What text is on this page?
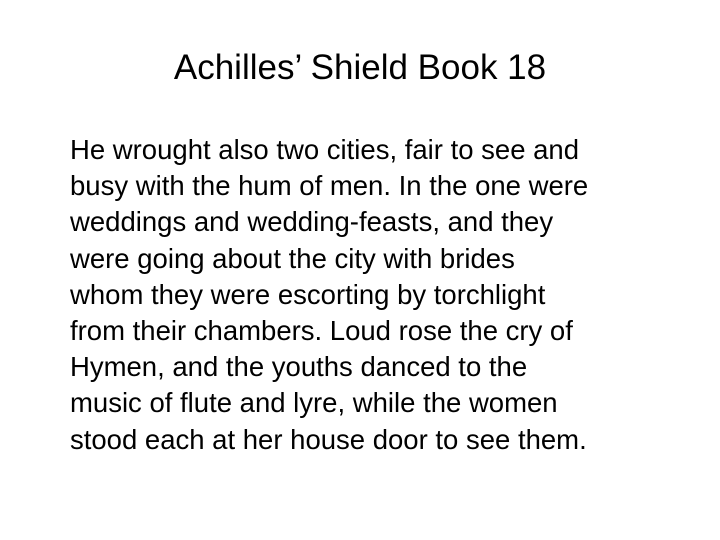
Achilles’ Shield Book 18
He wrought also two cities, fair to see and
busy with the hum of men. In the one were
weddings and wedding-feasts, and they
were going about the city with brides
whom they were escorting by torchlight
from their chambers. Loud rose the cry of
Hymen, and the youths danced to the
music of flute and lyre, while the women
stood each at her house door to see them.
